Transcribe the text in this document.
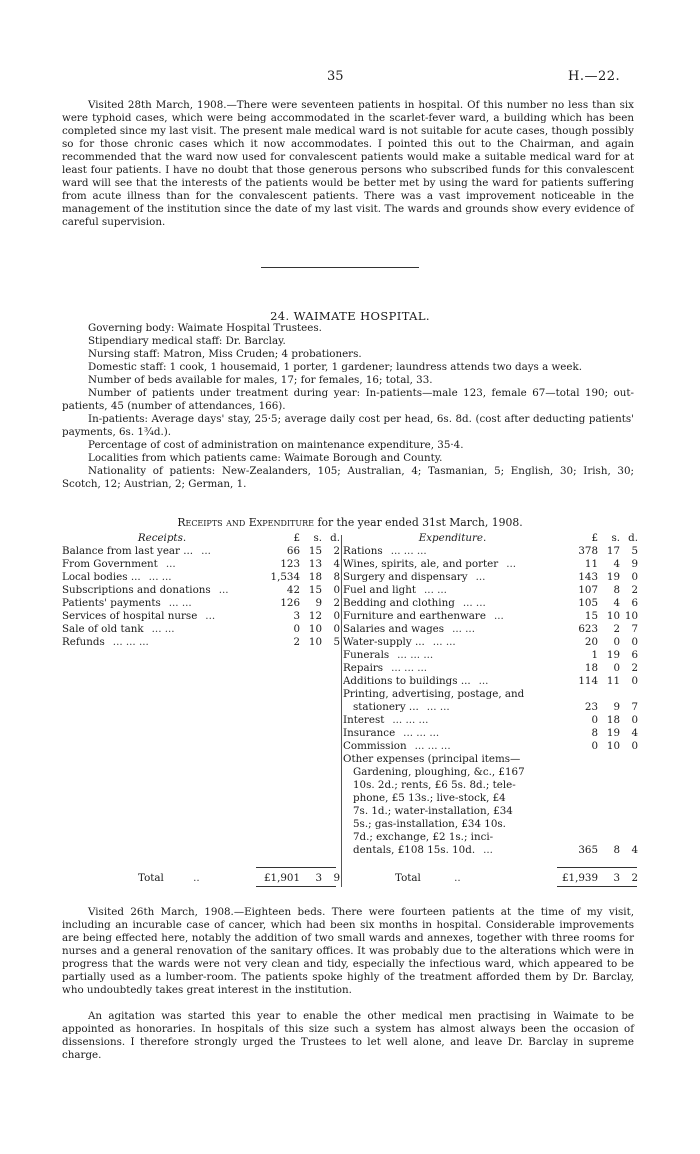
35	H.—22.

Visited 28th March, 1908.—There were seventeen patients in hospital. Of this number no less than six were typhoid cases, which were being accommodated in the scarlet-fever ward, a building which has been completed since my last visit. The present male medical ward is not suitable for acute cases, though possibly so for those chronic cases which it now accommodates. I pointed this out to the Chairman, and again recommended that the ward now used for convalescent patients would make a suitable medical ward for at least four patients. I have no doubt that those generous persons who subscribed funds for this convalescent ward will see that the interests of the patients would be better met by using the ward for patients suffering from acute illness than for the convalescent patients. There was a vast improvement noticeable in the management of the institution since the date of my last visit. The wards and grounds show every evidence of careful supervision.

24. WAIMATE HOSPITAL.
Governing body: Waimate Hospital Trustees.
Stipendiary medical staff: Dr. Barclay.
Nursing staff: Matron, Miss Cruden; 4 probationers.
Domestic staff: 1 cook, 1 housemaid, 1 porter, 1 gardener; laundress attends two days a week.
Number of beds available for males, 17; for females, 16; total, 33.
Number of patients under treatment during year: In-patients—male 123, female 67—total 190; out-patients, 45 (number of attendances, 166).
In-patients: Average days' stay, 25·5; average daily cost per head, 6s. 8d. (cost after deducting patients' payments, 6s. 1¾d.).
Percentage of cost of administration on maintenance expenditure, 35·4.
Localities from which patients came: Waimate Borough and County.
Nationality of patients: New-Zealanders, 105; Australian, 4; Tasmanian, 5; English, 30; Irish, 30; Scotch, 12; Austrian, 2; German, 1.
Receipts and Expenditure for the year ended 31st March, 1908.
Receipts.	£	s. d.
Balance from last year ... ...	66 15	2
From Government ...	123 13	4
Local bodies ... ... ...	1,534 18	8
Subscriptions and donations ...	42 15	0
Patients' payments ... ...	126	9	2
Services of hospital nurse ...	3 12	0
Sale of old tank ... ...	0 10	0
Refunds ... ... ...	2 10	5
Expenditure.	£	s. d.
Rations ... ... ...	378 17	5
Wines, spirits, ale, and porter ...	11	4	9
Surgery and dispensary ...	143 19	0
Fuel and light ... ...	107	8	2
Bedding and clothing ... ...	105	4	6
Furniture and earthenware ...	15 10 10
Salaries and wages ... ...	623	2	7
Water-supply ... ... ...	20	0	0
Funerals ... ... ...	1 19	6
Repairs ... ... ...	18	0	2
Additions to buildings ... ...	114 11	0
Printing, advertising, postage, and
stationery ... ... ...	23	9	7
Interest ... ... ...	0 18	0
Insurance ... ... ...	8 19	4
Commission ... ... ...	0 10	0
Other expenses (principal items—
Gardening, ploughing, &c., £167
10s. 2d.; rents, £6 5s. 8d.; tele-
phone, £5 13s.; live-stock, £4
7s. 1d.; water-installation, £34
5s.; gas-installation, £34 10s.
7d.; exchange, £2 1s.; inci-
dentals, £108 15s. 10d. ...	365	8	4
Total	..	£1,901	3	9	Total	..	£1,939	3	2

Visited 26th March, 1908.—Eighteen beds. There were fourteen patients at the time of my visit, including an incurable case of cancer, which had been six months in hospital. Considerable improvements are being effected here, notably the addition of two small wards and annexes, together with three rooms for nurses and a general renovation of the sanitary offices. It was probably due to the alterations which were in progress that the wards were not very clean and tidy, especially the infectious ward, which appeared to be partially used as a lumber-room. The patients spoke highly of the treatment afforded them by Dr. Barclay, who undoubtedly takes great interest in the institution.

An agitation was started this year to enable the other medical men practising in Waimate to be appointed as honoraries. In hospitals of this size such a system has almost always been the occasion of dissensions. I therefore strongly urged the Trustees to let well alone, and leave Dr. Barclay in supreme charge.
